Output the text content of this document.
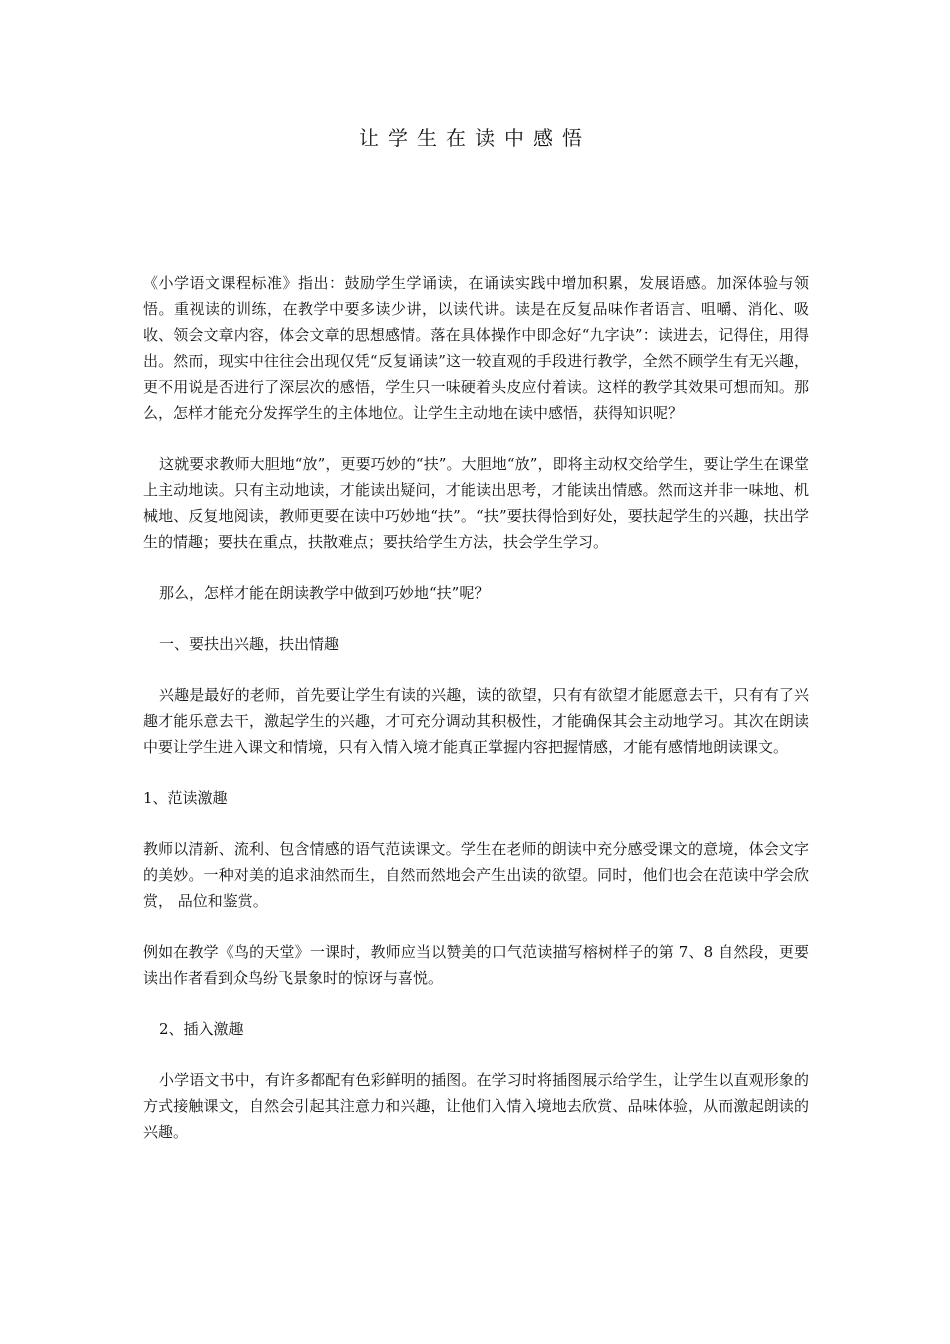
让学生在读中感悟

《小学语文课程标准》指出：鼓励学生学诵读，在诵读实践中增加积累，发展语感。加深体验与领悟。重视读的训练，在教学中要多读少讲，以读代讲。读是在反复品味作者语言、咀嚼、消化、吸收、领会文章内容，体会文章的思想感情。落在具体操作中即念好“九字诀”：读进去，记得住，用得出。然而，现实中往往会出现仅凭“反复诵读”这一较直观的手段进行教学，全然不顾学生有无兴趣，更不用说是否进行了深层次的感悟，学生只一味硬着头皮应付着读。这样的教学其效果可想而知。那么，怎样才能充分发挥学生的主体地位。让学生主动地在读中感悟，获得知识呢？

这就要求教师大胆地“放”，更要巧妙的“扶”。大胆地“放”，即将主动权交给学生，要让学生在课堂上主动地读。只有主动地读，才能读出疑问，才能读出思考，才能读出情感。然而这并非一味地、机械地、反复地阅读，教师更要在读中巧妙地“扶”。“扶”要扶得恰到好处，要扶起学生的兴趣，扶出学生的情趣；要扶在重点，扶散难点；要扶给学生方法，扶会学生学习。

那么，怎样才能在朗读教学中做到巧妙地“扶”呢？

一、要扶出兴趣，扶出情趣

兴趣是最好的老师，首先要让学生有读的兴趣，读的欲望，只有有欲望才能愿意去干，只有有了兴趣才能乐意去干，激起学生的兴趣，才可充分调动其积极性，才能确保其会主动地学习。其次在朗读中要让学生进入课文和情境，只有入情入境才能真正掌握内容把握情感，才能有感情地朗读课文。

1、范读激趣

教师以清新、流利、包含情感的语气范读课文。学生在老师的朗读中充分感受课文的意境，体会文字的美妙。一种对美的追求油然而生，自然而然地会产生出读的欲望。同时，他们也会在范读中学会欣赏， 品位和鉴赏。

例如在教学《鸟的天堂》一课时，教师应当以赞美的口气范读描写榕树样子的第 7、8 自然段，更要读出作者看到众鸟纷飞景象时的惊讶与喜悦。

2、插入激趣

小学语文书中，有许多都配有色彩鲜明的插图。在学习时将插图展示给学生，让学生以直观形象的方式接触课文，自然会引起其注意力和兴趣，让他们入情入境地去欣赏、品味体验，从而激起朗读的兴趣。
